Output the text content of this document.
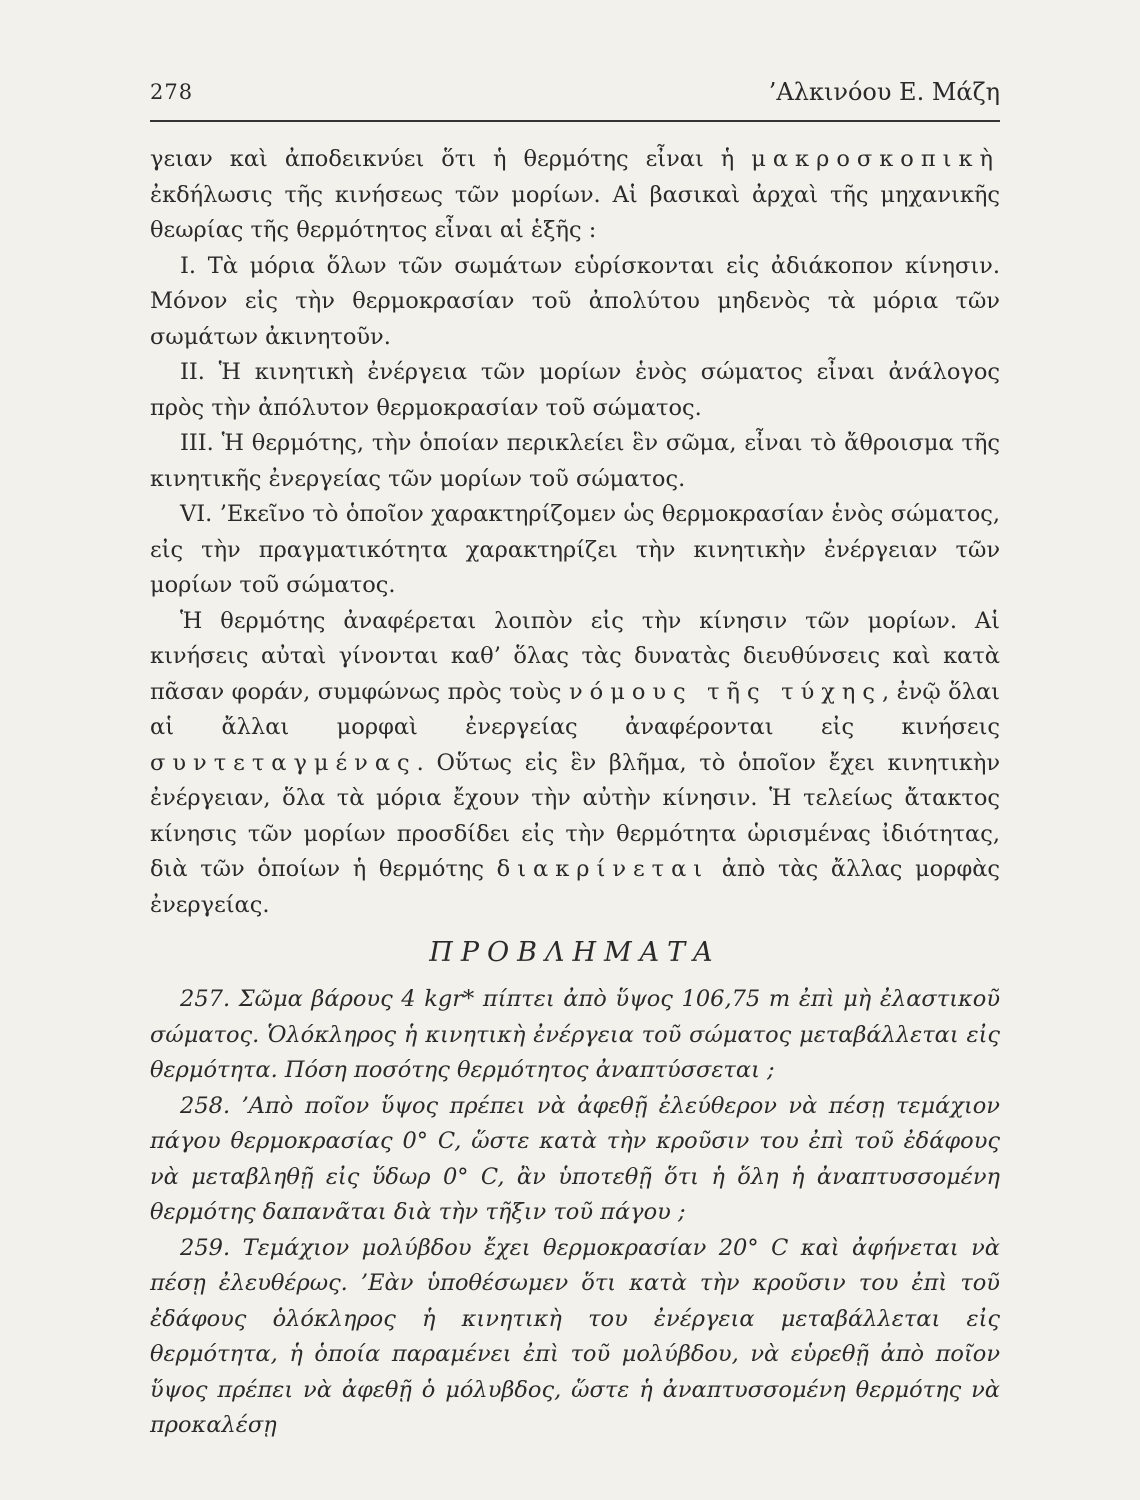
278	’Αλκινόου Ε. Μάζη

γειαν καὶ ἀποδεικνύει ὅτι ἡ θερμότης εἶναι ἡ μακροσκοπικὴ ἐκδήλωσις τῆς κινήσεως τῶν μορίων. Αἱ βασικαὶ ἀρχαὶ τῆς μηχανικῆς θεωρίας τῆς θερμότητος εἶναι αἱ ἑξῆς :

Ι. Τὰ μόρια ὅλων τῶν σωμάτων εὑρίσκονται εἰς ἀδιάκοπον κίνησιν. Μόνον εἰς τὴν θερμοκρασίαν τοῦ ἀπολύτου μηδενὸς τὰ μόρια τῶν σωμάτων ἀκινητοῦν.

ΙΙ. Ἡ κινητικὴ ἐνέργεια τῶν μορίων ἑνὸς σώματος εἶναι ἀνάλογος πρὸς τὴν ἀπόλυτον θερμοκρασίαν τοῦ σώματος.

ΙΙΙ. Ἡ θερμότης, τὴν ὁποίαν περικλείει ἓν σῶμα, εἶναι τὸ ἄθροισμα τῆς κινητικῆς ἐνεργείας τῶν μορίων τοῦ σώματος.

VI. ’Εκεῖνο τὸ ὁποῖον χαρακτηρίζομεν ὡς θερμοκρασίαν ἑνὸς σώματος, εἰς τὴν πραγματικότητα χαρακτηρίζει τὴν κινητικὴν ἐνέργειαν τῶν μορίων τοῦ σώματος.

Ἡ θερμότης ἀναφέρεται λοιπὸν εἰς τὴν κίνησιν τῶν μορίων. Αἱ κινήσεις αὐταὶ γίνονται καθ’ ὅλας τὰς δυνατὰς διευθύνσεις καὶ κατὰ πᾶσαν φοράν, συμφώνως πρὸς τοὺς νόμους τῆς τύχης, ἐνῷ ὅλαι αἱ ἄλλαι μορφαὶ ἐνεργείας ἀναφέρονται εἰς κινήσεις συντεταγμένας. Οὕτως εἰς ἓν βλῆμα, τὸ ὁποῖον ἔχει κινητικὴν ἐνέργειαν, ὅλα τὰ μόρια ἔχουν τὴν αὐτὴν κίνησιν. Ἡ τελείως ἄτακτος κίνησις τῶν μορίων προσδίδει εἰς τὴν θερμότητα ὡρισμένας ἰδιότητας, διὰ τῶν ὁποίων ἡ θερμότης διακρίνεται ἀπὸ τὰς ἄλλας μορφὰς ἐνεργείας.

ΠΡΟΒΛΗΜΑΤΑ

257. Σῶμα βάρους 4 kgr* πίπτει ἀπὸ ὕψος 106,75 m ἐπὶ μὴ ἐλαστικοῦ σώματος. Ὁλόκληρος ἡ κινητικὴ ἐνέργεια τοῦ σώματος μεταβάλλεται εἰς θερμότητα. Πόση ποσότης θερμότητος ἀναπτύσσεται ;

258. ’Απὸ ποῖον ὕψος πρέπει νὰ ἀφεθῇ ἐλεύθερον νὰ πέσῃ τεμάχιον πάγου θερμοκρασίας 0° C, ὥστε κατὰ τὴν κροῦσιν του ἐπὶ τοῦ ἐδάφους νὰ μεταβληθῇ εἰς ὕδωρ 0° C, ἂν ὑποτεθῇ ὅτι ἡ ὅλη ἡ ἀναπτυσσομένη θερμότης δαπανᾶται διὰ τὴν τῆξιν τοῦ πάγου ;

259. Τεμάχιον μολύβδου ἔχει θερμοκρασίαν 20° C καὶ ἀφήνεται νὰ πέσῃ ἐλευθέρως. ’Εὰν ὑποθέσωμεν ὅτι κατὰ τὴν κροῦσιν του ἐπὶ τοῦ ἐδάφους ὁλόκληρος ἡ κινητικὴ του ἐνέργεια μεταβάλλεται εἰς θερμότητα, ἡ ὁποία παραμένει ἐπὶ τοῦ μολύβδου, νὰ εὑρεθῇ ἀπὸ ποῖον ὕψος πρέπει νὰ ἀφεθῇ ὁ μόλυβδος, ὥστε ἡ ἀναπτυσσομένη θερμότης νὰ προκαλέσῃ
